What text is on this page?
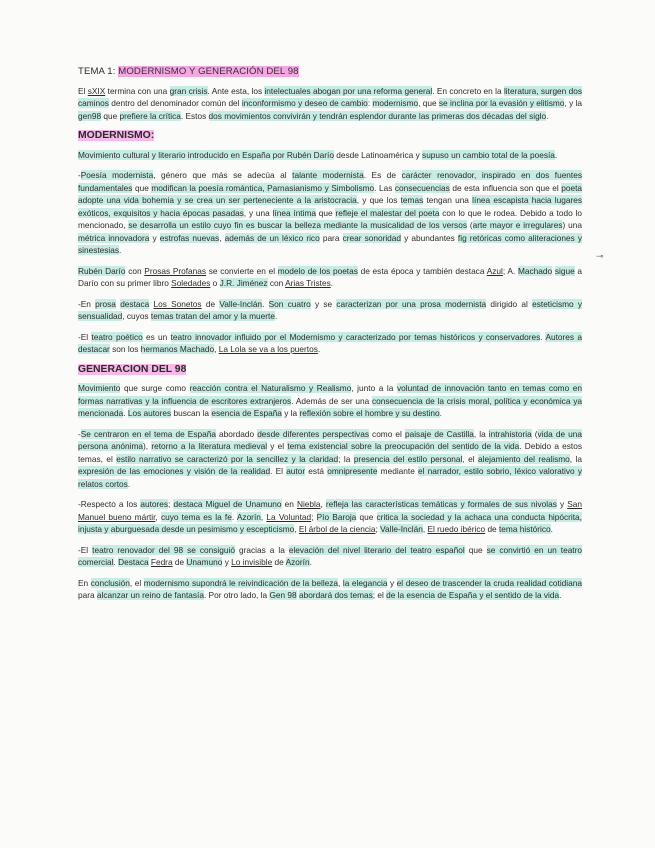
TEMA 1: MODERNISMO Y GENERACIÓN DEL 98

El sXIX termina con una gran crisis. Ante esta, los intelectuales abogan por una reforma general. En concreto en la literatura, surgen dos caminos dentro del denominador común del inconformismo y deseo de cambio: modernismo, que se inclina por la evasión y elitismo, y la gen98 que prefiere la crítica. Estos dos movimientos convivirán y tendrán esplendor durante las primeras dos décadas del siglo.

MODERNISMO:

Movimiento cultural y literario introducido en España por Rubén Darío desde Latinoamérica y supuso un cambio total de la poesía.

-Poesía modernista, género que más se adecúa al talante modernista. Es de carácter renovador, inspirado en dos fuentes fundamentales que modifican la poesía romántica, Parnasianismo y Simbolismo. Las consecuencias de esta influencia son que el poeta adopte una vida bohemia y se crea un ser perteneciente a la aristocracia, y que los temas tengan una línea escapista hacia lugares exóticos, exquisitos y hacia épocas pasadas, y una línea íntima que refleje el malestar del poeta con lo que le rodea. Debido a todo lo mencionado, se desarrolla un estilo cuyo fin es buscar la belleza mediante la musicalidad de los versos (arte mayor e irregulares) una métrica innovadora y estrofas nuevas, además de un léxico rico para crear sonoridad y abundantes fig retóricas como aliteraciones y sinestesias.

Rubén Darío con Prosas Profanas se convierte en el modelo de los poetas de esta época y también destaca Azul; A. Machado sigue a Darío con su primer libro Soledades o J.R. Jiménez con Arias Tristes.

-En prosa destaca Los Sonetos de Valle-Inclán. Son cuatro y se caracterizan por una prosa modernista dirigido al esteticismo y sensualidad, cuyos temas tratan del amor y la muerte.

-El teatro poético es un teatro innovador influido por el Modernismo y caracterizado por temas históricos y conservadores. Autores a destacar son los hermanos Machado, La Lola se va a los puertos.

GENERACION DEL 98

Movimiento que surge como reacción contra el Naturalismo y Realismo, junto a la voluntad de innovación tanto en temas como en formas narrativas y la influencia de escritores extranjeros. Además de ser una consecuencia de la crisis moral, política y económica ya mencionada. Los autores buscan la esencia de España y la reflexión sobre el hombre y su destino.

-Se centraron en el tema de España abordado desde diferentes perspectivas como el paisaje de Castilla, la intrahistoria (vida de una persona anónima), retorno a la literatura medieval y el tema existencial sobre la preocupación del sentido de la vida. Debido a estos temas, el estilo narrativo se caracterizó por la sencillez y la claridad; la presencia del estilo personal, el alejamiento del realismo, la expresión de las emociones y visión de la realidad. El autor está omnipresente mediante el narrador, estilo sobrio, léxico valorativo y relatos cortos.

-Respecto a los autores; destaca Miguel de Unamuno en Niebla, refleja las características temáticas y formales de sus nivolas y San Manuel bueno mártir, cuyo tema es la fe. Azorín, La Voluntad; Pío Baroja que critica la sociedad y la achaca una conducta hipócrita, injusta y aburguesada desde un pesimismo y escepticismo, El árbol de la ciencia; Valle-Inclán, El ruedo ibérico de tema histórico.

-El teatro renovador del 98 se consiguió gracias a la elevación del nivel literario del teatro español que se convirtió en un teatro comercial. Destaca Fedra de Unamuno y Lo invisible de Azorín.

En conclusión, el modernismo supondrá le reivindicación de la belleza, la elegancia y el deseo de trascender la cruda realidad cotidiana para alcanzar un reino de fantasía. Por otro lado, la Gen 98 abordará dos temas; el de la esencia de España y el sentido de la vida.

⊸
